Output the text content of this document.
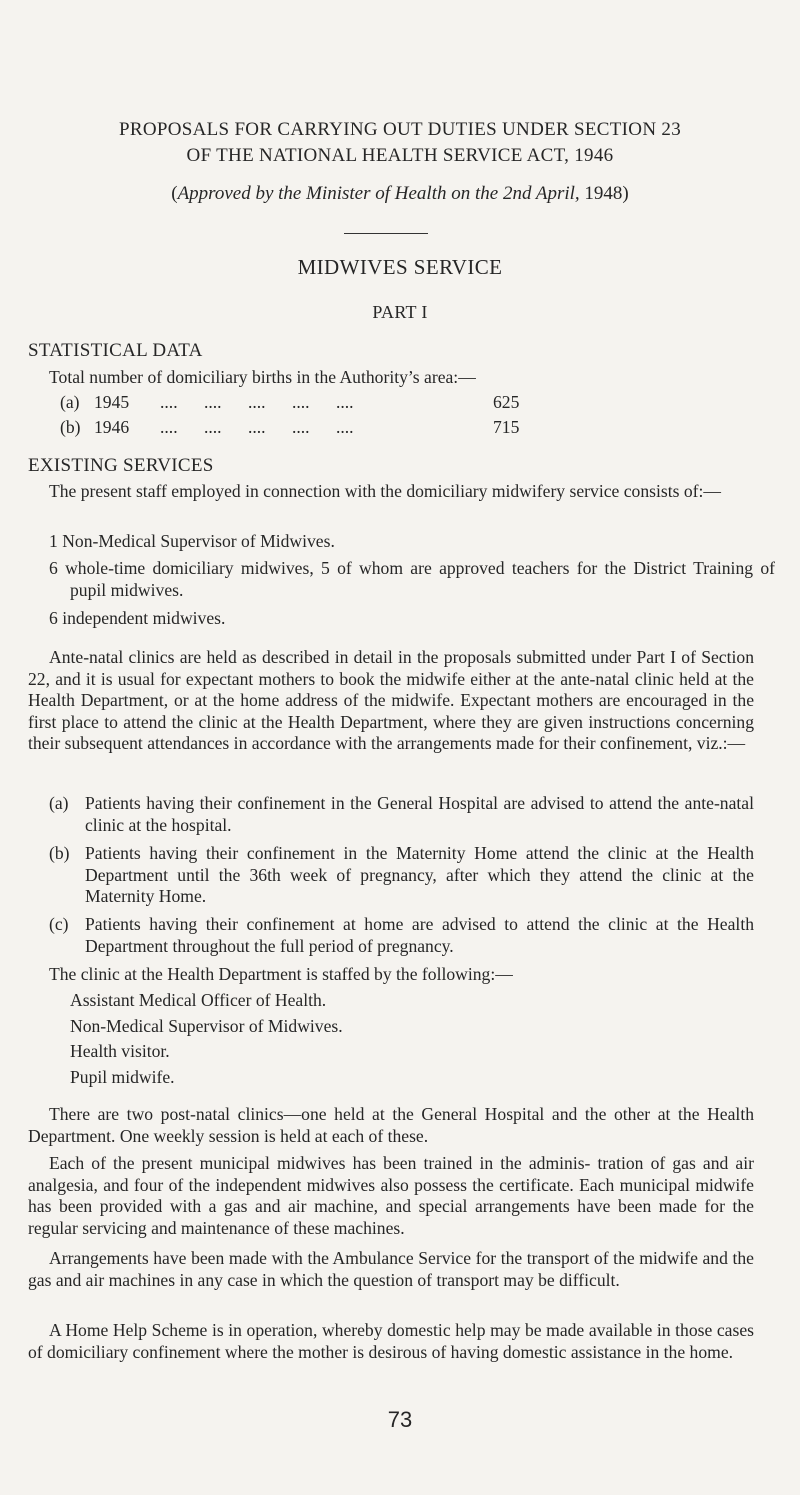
PROPOSALS FOR CARRYING OUT DUTIES UNDER SECTION 23
OF THE NATIONAL HEALTH SERVICE ACT, 1946
(Approved by the Minister of Health on the 2nd April, 1948)
MIDWIVES SERVICE
PART I
STATISTICAL DATA
Total number of domiciliary births in the Authority’s area:—
(a) 1945 ....      ....      ....      ....      ....	625
(b) 1946 ....      ....      ....      ....      ....	715
EXISTING SERVICES
The present staff employed in connection with the domiciliary midwifery service consists of:—
1 Non-Medical Supervisor of Midwives.
6 whole-time domiciliary midwives, 5 of whom are approved teachers for the District Training of pupil midwives.
6 independent midwives.
Ante-natal clinics are held as described in detail in the proposals submitted under Part I of Section 22, and it is usual for expectant mothers to book the midwife either at the ante-natal clinic held at the Health Department, or at the home address of the midwife. Expectant mothers are encouraged in the first place to attend the clinic at the Health Department, where they are given instructions concerning their subsequent attendances in accordance with the arrangements made for their confinement, viz.:—
(a) Patients having their confinement in the General Hospital are advised to attend the ante-natal clinic at the hospital.
(b) Patients having their confinement in the Maternity Home attend the clinic at the Health Department until the 36th week of pregnancy, after which they attend the clinic at the Maternity Home.
(c) Patients having their confinement at home are advised to attend the clinic at the Health Department throughout the full period of pregnancy.
The clinic at the Health Department is staffed by the following:—
Assistant Medical Officer of Health.
Non-Medical Supervisor of Midwives.
Health visitor.
Pupil midwife.
There are two post-natal clinics—one held at the General Hospital and the other at the Health Department. One weekly session is held at each of these.
Each of the present municipal midwives has been trained in the adminis- tration of gas and air analgesia, and four of the independent midwives also possess the certificate. Each municipal midwife has been provided with a gas and air machine, and special arrangements have been made for the regular servicing and maintenance of these machines.
Arrangements have been made with the Ambulance Service for the transport of the midwife and the gas and air machines in any case in which the question of transport may be difficult.
A Home Help Scheme is in operation, whereby domestic help may be made available in those cases of domiciliary confinement where the mother is desirous of having domestic assistance in the home.
73
